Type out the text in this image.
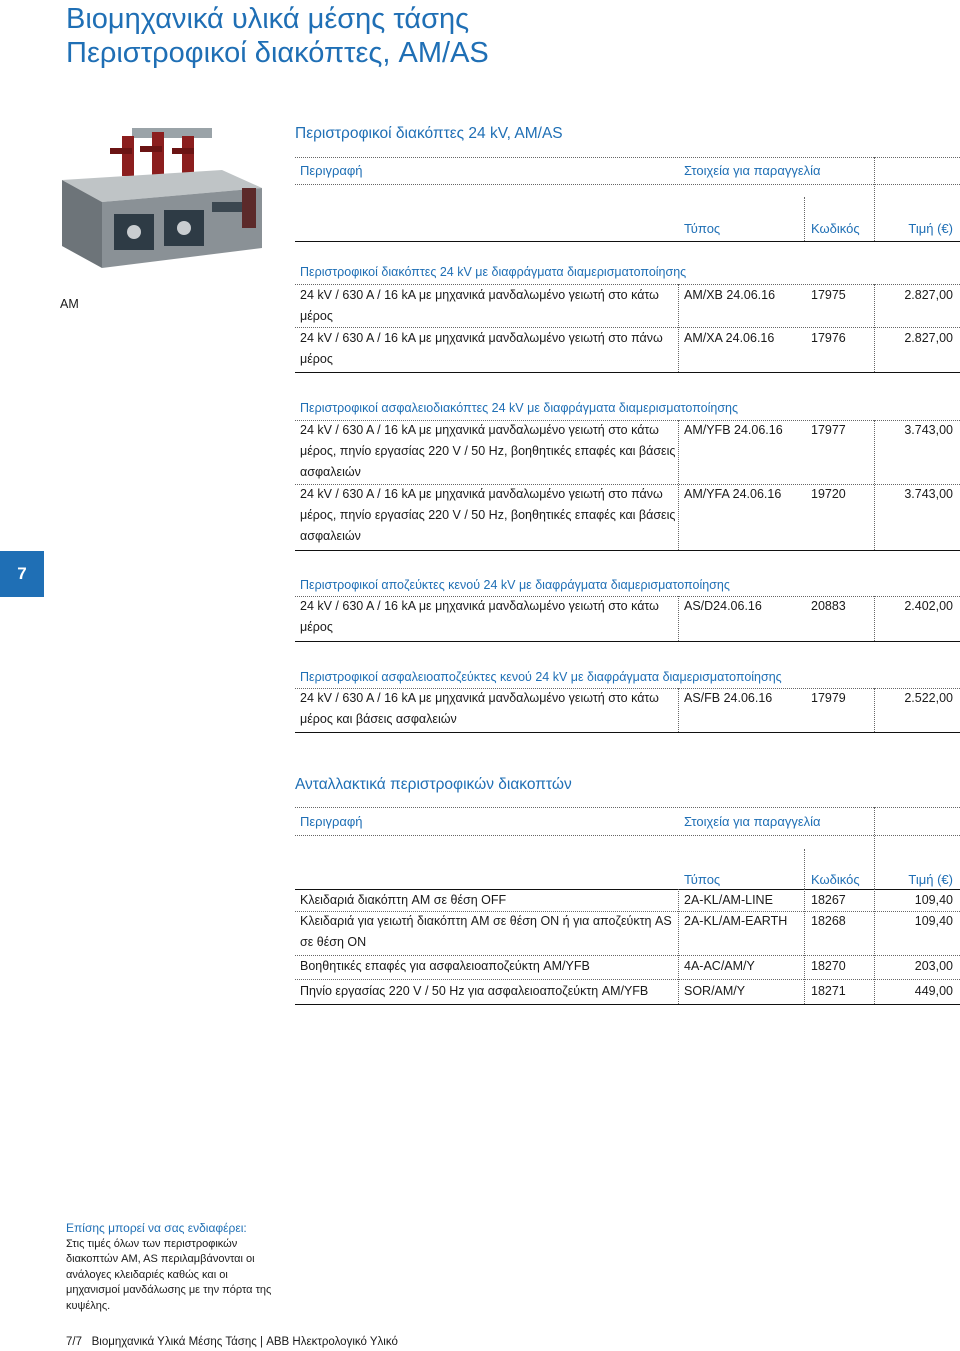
Βιομηχανικά υλικά μέσης τάσης
Περιστροφικοί διακόπτες, AM/AS
Περιστροφικοί διακόπτες 24 kV, AM/AS
Περιγραφή	Στοιχεία για παραγγελία
Τύπος	Κωδικός	Τιμή (€)
AM
Περιστροφικοί διακόπτες 24 kV με διαφράγματα διαμερισματοποίησης
24 kV / 630 A / 16 kA με μηχανικά μανδαλωμένο γειωτή στο κάτω μέρος
AM/XB 24.06.16	17975	2.827,00
24 kV / 630 A / 16 kA με μηχανικά μανδαλωμένο γειωτή στο πάνω μέρος
AM/XA 24.06.16	17976	2.827,00
Περιστροφικοί ασφαλειοδιακόπτες 24 kV με διαφράγματα διαμερισματοποίησης
24 kV / 630 A / 16 kA με μηχανικά μανδαλωμένο γειωτή στο κάτω μέρος, πηνίο εργασίας 220 V / 50 Hz, βοηθητικές επαφές και βάσεις ασφαλειών
AM/YFB 24.06.16 17977	3.743,00
24 kV / 630 A / 16 kA με μηχανικά μανδαλωμένο γειωτή στο πάνω μέρος, πηνίο εργασίας 220 V / 50 Hz, βοηθητικές επαφές και βάσεις ασφαλειών
AM/YFA 24.06.16 19720	3.743,00
7
Περιστροφικοί αποζεύκτες κενού 24 kV με διαφράγματα διαμερισματοποίησης
24 kV / 630 A / 16 kA με μηχανικά μανδαλωμένο γειωτή στο κάτω μέρος
AS/D24.06.16	20883	2.402,00
Περιστροφικοί ασφαλειοαποζεύκτες κενού 24 kV με διαφράγματα διαμερισματοποίησης
24 kV / 630 A / 16 kA με μηχανικά μανδαλωμένο γειωτή στο κάτω μέρος και βάσεις ασφαλειών
AS/FB 24.06.16	17979	2.522,00
Ανταλλακτικά περιστροφικών διακοπτών
Περιγραφή	Στοιχεία για παραγγελία
Τύπος	Κωδικός	Τιμή (€)
Κλειδαριά διακόπτη AM σε θέση OFF	2A-KL/AM-LINE	18267	109,40
Κλειδαριά για γειωτή διακόπτη AM σε θέση ON ή για αποζεύκτη AS σε θέση ON
2A-KL/AM-EARTH 18268	109,40
Βοηθητικές επαφές για ασφαλειοαποζεύκτη AM/YFB	4A-AC/AM/Y	18270	203,00
Πηνίο εργασίας 220 V / 50 Hz για ασφαλειοαποζεύκτη AM/YFB	SOR/AM/Y	18271	449,00
Επίσης μπορεί να σας ενδιαφέρει:
Στις τιμές όλων των περιστροφικών διακοπτών AM, AS περιλαμβάνονται οι ανάλογες κλειδαριές καθώς και οι μηχανισμοί μανδάλωσης με την πόρτα της κυψέλης.
7/7 Βιομηχανικά Υλικά Μέσης Τάσης | ABB Ηλεκτρολογικό Υλικό
